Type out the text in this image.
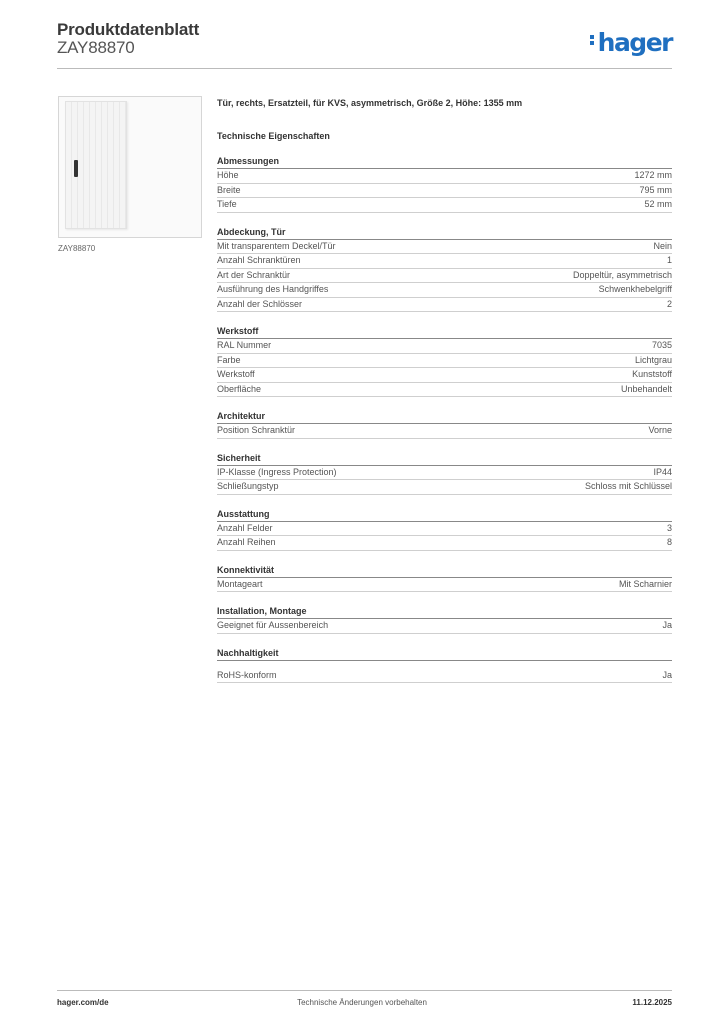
Produktdatenblatt
ZAY88870	hager
ZAY88870
Tür, rechts, Ersatzteil, für KVS, asymmetrisch, Größe 2, Höhe: 1355 mm
Technische Eigenschaften
Abmessungen
Höhe	1272 mm
Breite	795 mm
Tiefe	52 mm
Abdeckung, Tür
Mit transparentem Deckel/Tür	Nein
Anzahl Schranktüren	1
Art der Schranktür	Doppeltür, asymmetrisch
Ausführung des Handgriffes	Schwenkhebelgriff
Anzahl der Schlösser	2
Werkstoff
RAL Nummer	7035
Farbe	Lichtgrau
Werkstoff	Kunststoff
Oberfläche	Unbehandelt
Architektur
Position Schranktür	Vorne
Sicherheit
IP-Klasse (Ingress Protection)	IP44
Schließungstyp	Schloss mit Schlüssel
Ausstattung
Anzahl Felder	3
Anzahl Reihen	8
Konnektivität
Montageart	Mit Scharnier
Installation, Montage
Geeignet für Aussenbereich	Ja
Nachhaltigkeit
RoHS-konform	Ja
hager.com/de	Technische Änderungen vorbehalten	11.12.2025
